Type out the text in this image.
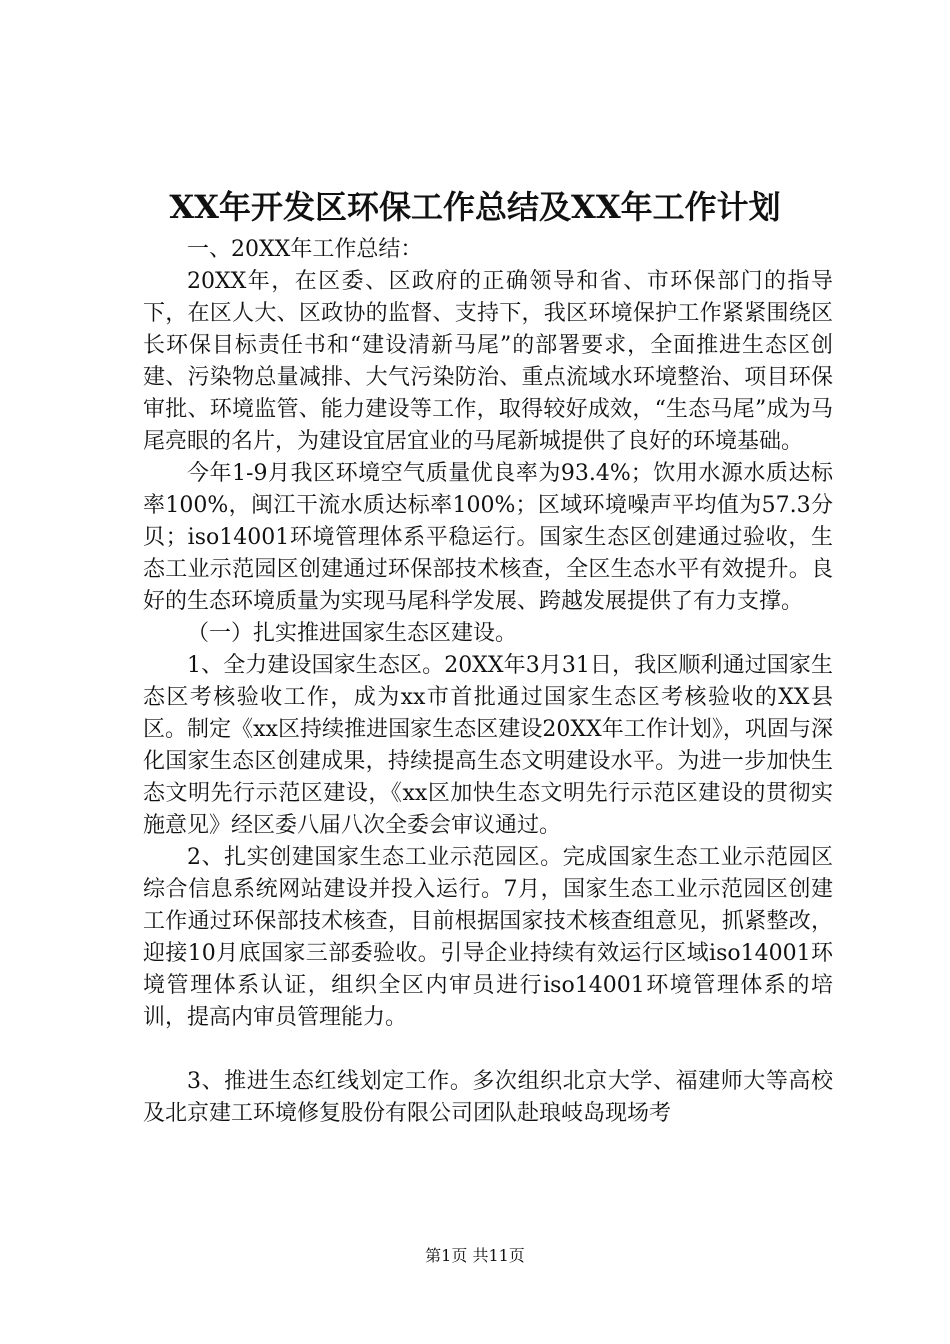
XX年开发区环保工作总结及XX年工作计划

一、20XX年工作总结：

20XX年，在区委、区政府的正确领导和省、市环保部门的指导下，在区人大、区政协的监督、支持下，我区环境保护工作紧紧围绕区长环保目标责任书和“建设清新马尾”的部署要求，全面推进生态区创建、污染物总量减排、大气污染防治、重点流域水环境整治、项目环保审批、环境监管、能力建设等工作，取得较好成效，“生态马尾”成为马尾亮眼的名片，为建设宜居宜业的马尾新城提供了良好的环境基础。

今年1-9月我区环境空气质量优良率为93.4%；饮用水源水质达标率100%，闽江干流水质达标率100%；区域环境噪声平均值为57.3分贝；iso14001环境管理体系平稳运行。国家生态区创建通过验收，生态工业示范园区创建通过环保部技术核查，全区生态水平有效提升。良好的生态环境质量为实现马尾科学发展、跨越发展提供了有力支撑。

（一）扎实推进国家生态区建设。

1、全力建设国家生态区。20XX年3月31日，我区顺利通过国家生态区考核验收工作，成为xx市首批通过国家生态区考核验收的XX县区。制定《xx区持续推进国家生态区建设20XX年工作计划》，巩固与深化国家生态区创建成果，持续提高生态文明建设水平。为进一步加快生态文明先行示范区建设，《xx区加快生态文明先行示范区建设的贯彻实施意见》经区委八届八次全委会审议通过。

2、扎实创建国家生态工业示范园区。完成国家生态工业示范园区综合信息系统网站建设并投入运行。7月，国家生态工业示范园区创建工作通过环保部技术核查，目前根据国家技术核查组意见，抓紧整改，迎接10月底国家三部委验收。引导企业持续有效运行区域iso14001环境管理体系认证，组织全区内审员进行iso14001环境管理体系的培训，提高内审员管理能力。

3、推进生态红线划定工作。多次组织北京大学、福建师大等高校及北京建工环境修复股份有限公司团队赴琅岐岛现场考

第1页 共11页
